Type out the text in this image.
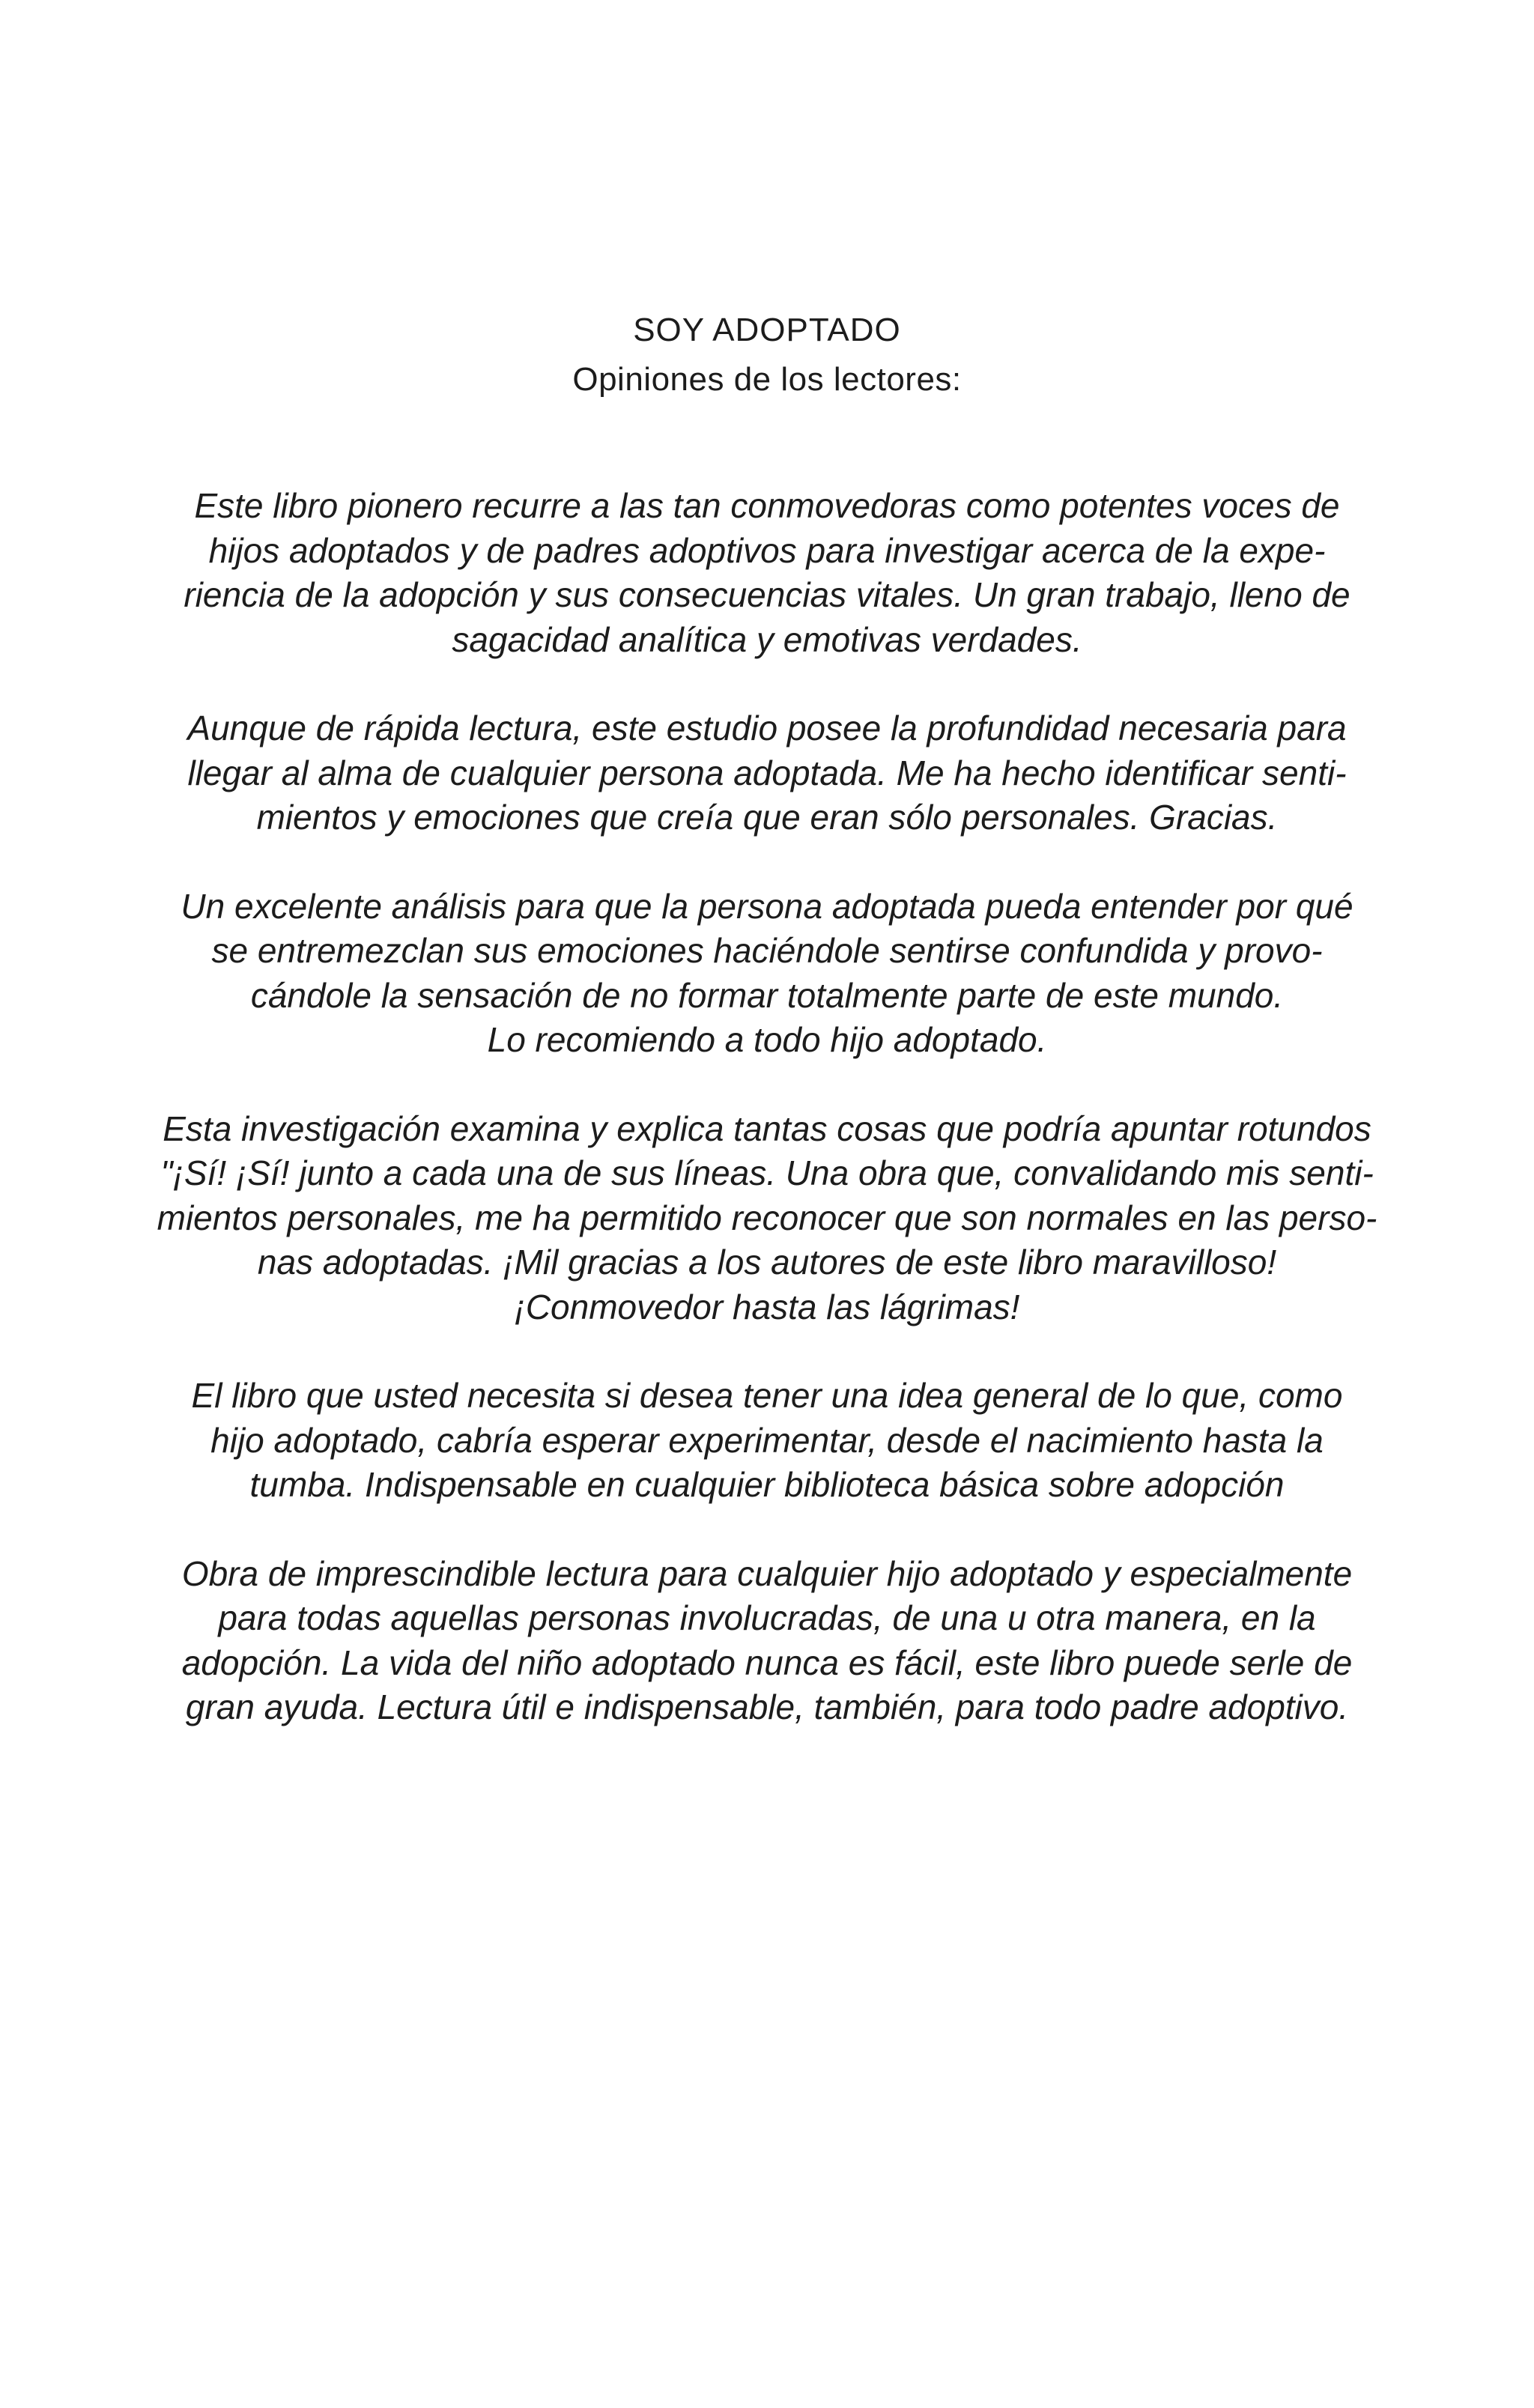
SOY ADOPTADO
Opiniones de los lectores:

Este libro pionero recurre a las tan conmovedoras como potentes voces de
hijos adoptados y de padres adoptivos para investigar acerca de la expe-
riencia de la adopción y sus consecuencias vitales. Un gran trabajo, lleno de
sagacidad analítica y emotivas verdades.

Aunque de rápida lectura, este estudio posee la profundidad necesaria para
llegar al alma de cualquier persona adoptada. Me ha hecho identificar senti-
mientos y emociones que creía que eran sólo personales. Gracias.

Un excelente análisis para que la persona adoptada pueda entender por qué
se entremezclan sus emociones haciéndole sentirse confundida y provo-
cándole la sensación de no formar totalmente parte de este mundo.
Lo recomiendo a todo hijo adoptado.

Esta investigación examina y explica tantas cosas que podría apuntar rotundos
"¡Sí! ¡Sí! junto a cada una de sus líneas. Una obra que, convalidando mis senti-
mientos personales, me ha permitido reconocer que son normales en las perso-
nas adoptadas. ¡Mil gracias a los autores de este libro maravilloso!
¡Conmovedor hasta las lágrimas!

El libro que usted necesita si desea tener una idea general de lo que, como
hijo adoptado, cabría esperar experimentar, desde el nacimiento hasta la
tumba. Indispensable en cualquier biblioteca básica sobre adopción

Obra de imprescindible lectura para cualquier hijo adoptado y especialmente
para todas aquellas personas involucradas, de una u otra manera, en la
adopción. La vida del niño adoptado nunca es fácil, este libro puede serle de
gran ayuda. Lectura útil e indispensable, también, para todo padre adoptivo.
